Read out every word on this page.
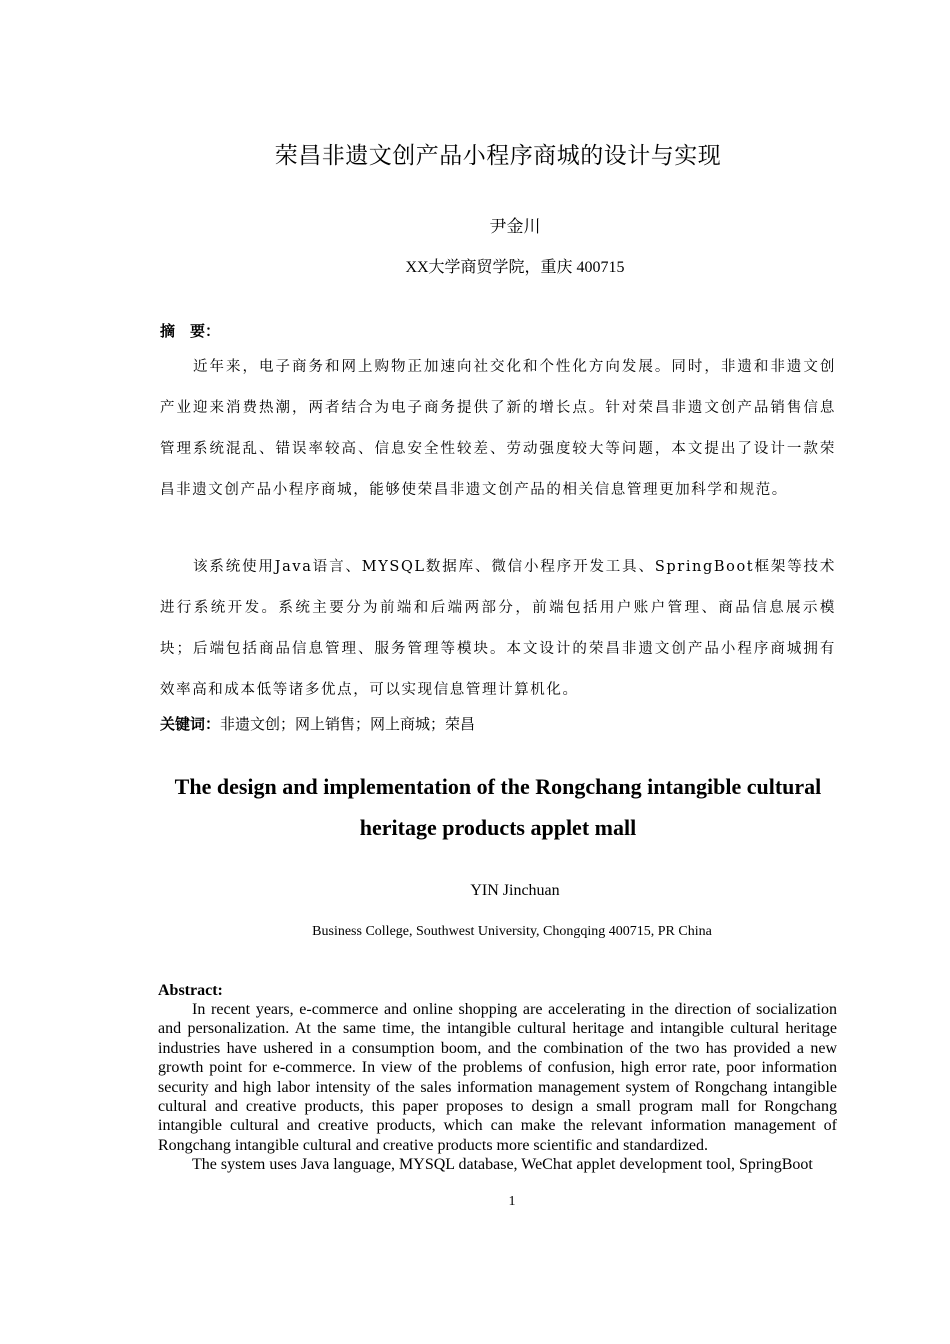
荣昌非遗文创产品小程序商城的设计与实现
尹金川
XX大学商贸学院，重庆 400715
摘　要：

近年来，电子商务和网上购物正加速向社交化和个性化方向发展。同时，非遗和非遗文创产业迎来消费热潮，两者结合为电子商务提供了新的增长点。针对荣昌非遗文创产品销售信息管理系统混乱、错误率较高、信息安全性较差、劳动强度较大等问题，本文提出了设计一款荣昌非遗文创产品小程序商城，能够使荣昌非遗文创产品的相关信息管理更加科学和规范。

该系统使用Java语言、MYSQL数据库、微信小程序开发工具、SpringBoot框架等技术进行系统开发。系统主要分为前端和后端两部分，前端包括用户账户管理、商品信息展示模块；后端包括商品信息管理、服务管理等模块。本文设计的荣昌非遗文创产品小程序商城拥有效率高和成本低等诸多优点，可以实现信息管理计算机化。

关键词：非遗文创；网上销售；网上商城；荣昌
The design and implementation of the Rongchang intangible cultural heritage products applet mall
YIN Jinchuan
Business College, Southwest University, Chongqing 400715, PR China
Abstract:

In recent years, e-commerce and online shopping are accelerating in the direction of socialization and personalization. At the same time, the intangible cultural heritage and intangible cultural heritage industries have ushered in a consumption boom, and the combination of the two has provided a new growth point for e-commerce. In view of the problems of confusion, high error rate, poor information security and high labor intensity of the sales information management system of Rongchang intangible cultural and creative products, this paper proposes to design a small program mall for Rongchang intangible cultural and creative products, which can make the relevant information management of Rongchang intangible cultural and creative products more scientific and standardized.

The system uses Java language, MYSQL database, WeChat applet development tool, SpringBoot

1
